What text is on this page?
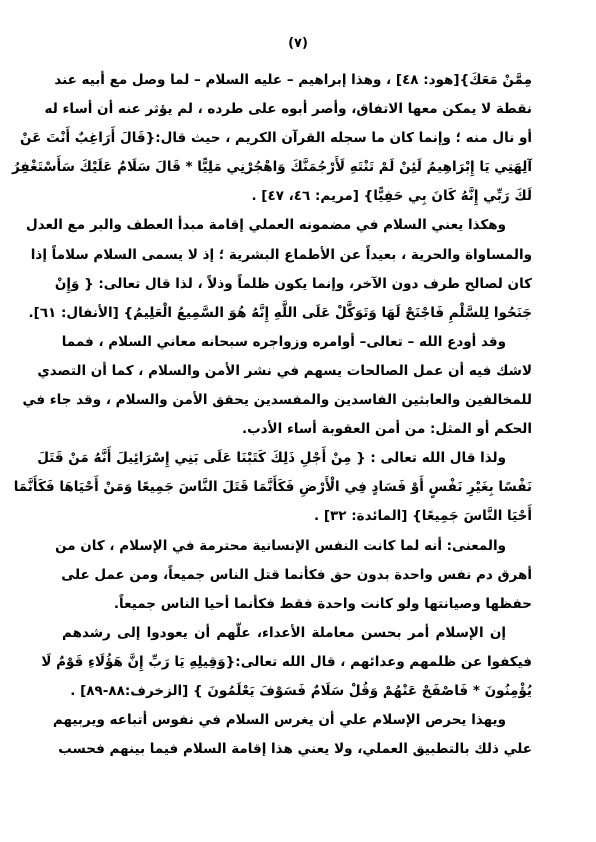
(٧)
مِمَّنْ مَعَكَ}[هود: ٤٨] ، وهذا إبراهيم – عليه السلام – لما وصل مع أبيه عند
نقطة لا يمكن معها الاتفاق، وأصر أبوه على طرده ، لم يؤثر عنه أن أساء له
أو نال منه ؛ وإنما كان ما سجله القرآن الكريم ، حيث قال:{قَالَ أَرَاغِبٌ أَنْتَ عَنْ
آلِهَتِي يَا إِبْرَاهِيمُ لَئِنْ لَمْ تَنْتَهِ لَأَرْجُمَنَّكَ وَاهْجُرْنِي مَلِيًّا * قَالَ سَلَامٌ عَلَيْكَ سَأَسْتَغْفِرُ
لَكَ رَبِّي إِنَّهُ كَانَ بِي حَفِيًّا} [مريم: ٤٦، ٤٧] .
وهكذا يعني السلام في مضمونه العملي إقامة مبدأ العطف والبر مع العدل
والمساواة والحرية ، بعيداً عن الأطماع البشرية ؛ إذ لا يسمى السلام سلاماً إذا
كان لصالح طرف دون الآخر، وإنما يكون ظلماً وذلاً ، لذا قال تعالى: { وَإِنْ
جَنَحُوا لِلسَّلْمِ فَاجْنَحْ لَهَا وَتَوَكَّلْ عَلَى اللَّهِ إِنَّهُ هُوَ السَّمِيعُ الْعَلِيمُ} [الأنفال: ٦١].
وقد أودع الله – تعالى– أوامره وزواجره سبحانه معاني السلام ، فمما
لاشك فيه أن عمل الصالحات يسهم في نشر الأمن والسلام ، كما أن التصدي
للمخالفين والعابثين الفاسدين والمفسدين يحقق الأمن والسلام ، وقد جاء في
الحكم أو المثل: من أمن العقوبة أساء الأدب.
ولذا قال الله تعالى : { مِنْ أَجْلِ ذَلِكَ كَتَبْنَا عَلَى بَنِي إِسْرَائِيلَ أَنَّهُ مَنْ قَتَلَ
نَفْسًا بِغَيْرِ نَفْسٍ أَوْ فَسَادٍ فِي الْأَرْضِ فَكَأَنَّمَا قَتَلَ النَّاسَ جَمِيعًا وَمَنْ أَحْيَاهَا فَكَأَنَّمَا
أَحْيَا النَّاسَ جَمِيعًا} [المائدة: ٣٢] .
والمعنى: أنه لما كانت النفس الإنسانية محترمة في الإسلام ، كان من
أهرق دم نفس واحدة بدون حق فكأنما قتل الناس جميعاً، ومن عمل على
حفظها وصيانتها ولو كانت واحدة فقط فكأنما أحيا الناس جميعاً.
إن الإسلام أمر بحسن معاملة الأعداء، علّهم أن يعودوا إلى رشدهم
فيكفوا عن ظلمهم وعدائهم ، قال الله تعالى:{وَقِيلِهِ يَا رَبِّ إِنَّ هَؤُلَاءِ قَوْمٌ لَا
يُؤْمِنُونَ * فَاصْفَحْ عَنْهُمْ وَقُلْ سَلَامٌ فَسَوْفَ يَعْلَمُونَ } [الزخرف:٨٨-٨٩] .
ويهذا يحرص الإسلام علي أن يغرس السلام في نفوس أتباعه ويربيهم
علي ذلك بالتطبيق العملي، ولا يعني هذا إقامة السلام فيما بينهم فحسب
